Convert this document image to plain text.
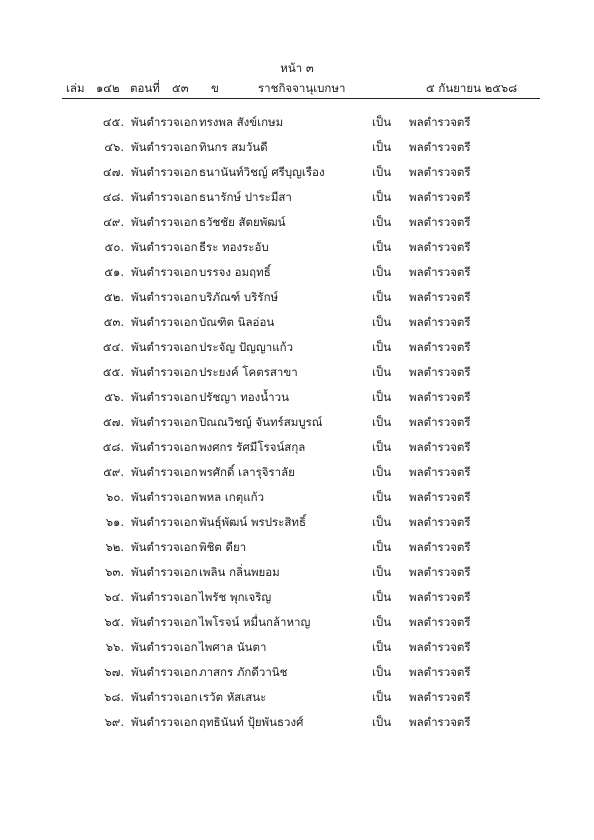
หน้า ๓
เล่ม ๑๔๒ ตอนที่ ๕๓ ข	ราชกิจจานุเบกษา	๕ กันยายน ๒๕๖๘
๔๕. พันตำรวจเอก ทรงพล สังข์เกษม	เป็น พลตำรวจตรี
๔๖. พันตำรวจเอก ทินกร สมวันดี	เป็น พลตำรวจตรี
๔๗. พันตำรวจเอก ธนานันท์วิชญ์ ศรีบุญเรือง	เป็น พลตำรวจตรี
๔๘. พันตำรวจเอก ธนารักษ์ ปาระมีสา	เป็น พลตำรวจตรี
๔๙. พันตำรวจเอก ธวัชชัย สัตยพัฒน์	เป็น พลตำรวจตรี
๕๐. พันตำรวจเอก ธีระ ทองระอับ	เป็น พลตำรวจตรี
๕๑. พันตำรวจเอก บรรจง อมฤทธิ์	เป็น พลตำรวจตรี
๕๒. พันตำรวจเอก บริภัณฑ์ บริรักษ์	เป็น พลตำรวจตรี
๕๓. พันตำรวจเอก บัณฑิต นิลอ่อน	เป็น พลตำรวจตรี
๕๔. พันตำรวจเอก ประจัญ ปัญญาแก้ว	เป็น พลตำรวจตรี
๕๕. พันตำรวจเอก ประยงค์ โคตรสาขา	เป็น พลตำรวจตรี
๕๖. พันตำรวจเอก ปรัชญา ทองน้ำวน	เป็น พลตำรวจตรี
๕๗. พันตำรวจเอก ปิณณวิชญ์ จันทร์สมบูรณ์	เป็น พลตำรวจตรี
๕๘. พันตำรวจเอก พงศกร รัศมีโรจน์สกุล	เป็น พลตำรวจตรี
๕๙. พันตำรวจเอก พรศักดิ์ เลารุจิราลัย	เป็น พลตำรวจตรี
๖๐. พันตำรวจเอก พหล เกตุแก้ว	เป็น พลตำรวจตรี
๖๑. พันตำรวจเอก พันธุ์พัฒน์ พรประสิทธิ์	เป็น พลตำรวจตรี
๖๒. พันตำรวจเอก พิชิต ดียา	เป็น พลตำรวจตรี
๖๓. พันตำรวจเอก เพลิน กลิ่นพยอม	เป็น พลตำรวจตรี
๖๔. พันตำรวจเอก ไพรัช พุกเจริญ	เป็น พลตำรวจตรี
๖๕. พันตำรวจเอก ไพโรจน์ หมื่นกล้าหาญ	เป็น พลตำรวจตรี
๖๖. พันตำรวจเอก ไพศาล นันตา	เป็น พลตำรวจตรี
๖๗. พันตำรวจเอก ภาสกร ภักดีวานิช	เป็น พลตำรวจตรี
๖๘. พันตำรวจเอก เรวัต หัสเสนะ	เป็น พลตำรวจตรี
๖๙. พันตำรวจเอก ฤทธินันท์ ปุ้ยพันธวงศ์	เป็น พลตำรวจตรี
